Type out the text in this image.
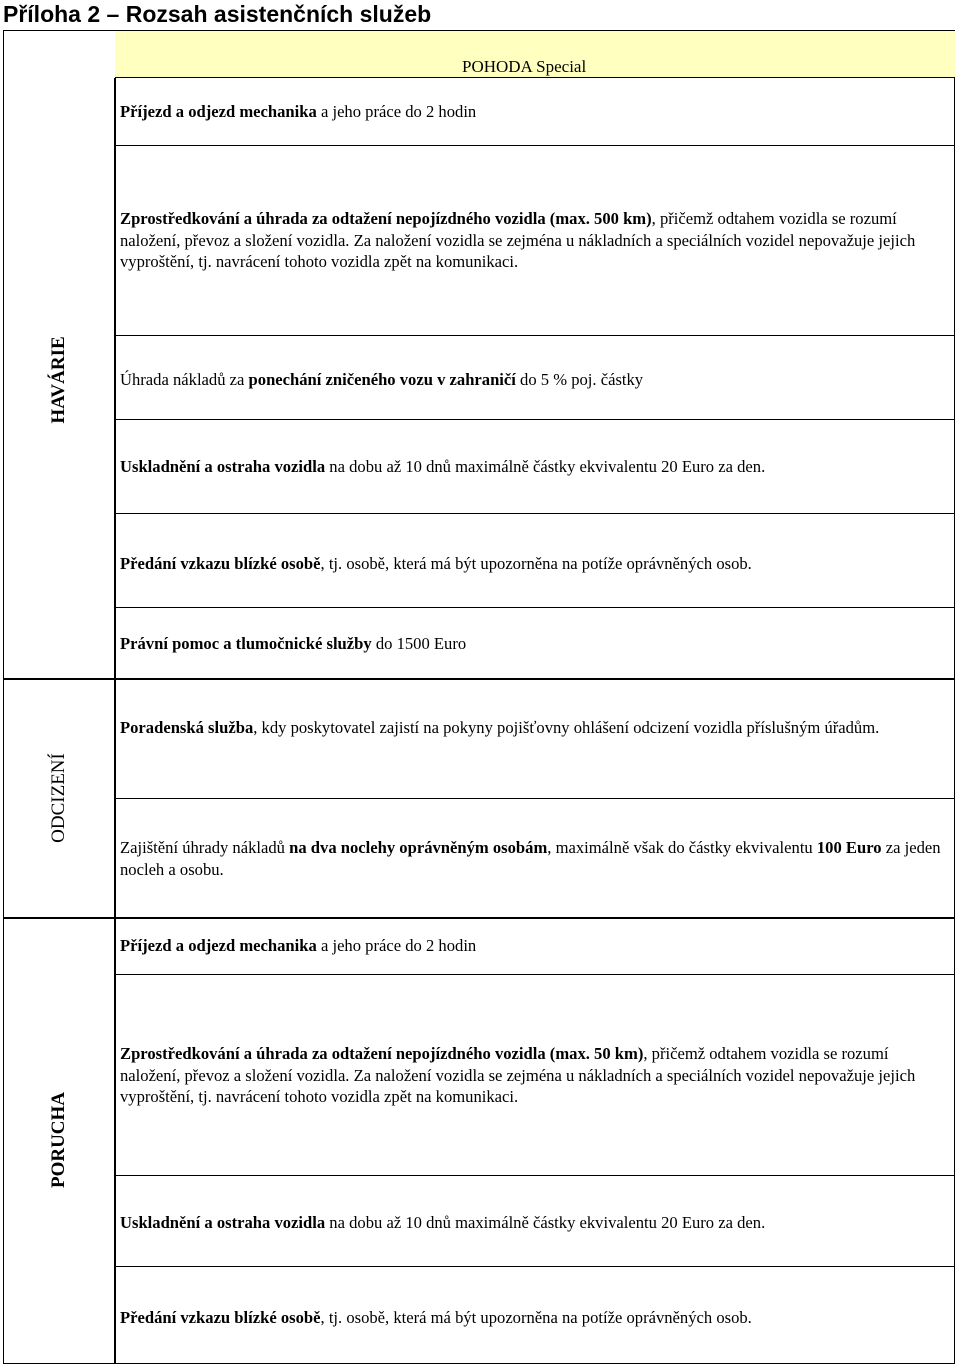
Příloha 2 – Rozsah asistenčních služeb
POHODA Special
HAVÁRIE
ODCIZENÍ
PORUCHA
Příjezd a odjezd mechanika a jeho práce do 2 hodin
Zprostředkování a úhrada za odtažení nepojízdného vozidla (max. 500 km), přičemž odtahem vozidla se rozumí naložení, převoz a složení vozidla. Za naložení vozidla se zejména u nákladních a speciálních vozidel nepovažuje jejich vyproštění, tj. navrácení tohoto vozidla zpět na komunikaci.
Úhrada nákladů za ponechání zničeného vozu v zahraničí do 5 % poj. částky
Uskladnění a ostraha vozidla na dobu až 10 dnů maximálně částky ekvivalentu 20 Euro za den.
Předání vzkazu blízké osobě, tj. osobě, která má být upozorněna na potíže oprávněných osob.
Právní pomoc a tlumočnické služby do 1500 Euro
Poradenská služba, kdy poskytovatel zajistí na pokyny pojišťovny ohlášení odcizení vozidla příslušným úřadům.
Zajištění úhrady nákladů na dva noclehy oprávněným osobám, maximálně však do částky ekvivalentu 100 Euro za jeden nocleh a osobu.
Příjezd a odjezd mechanika a jeho práce do 2 hodin
Zprostředkování a úhrada za odtažení nepojízdného vozidla (max. 50 km), přičemž odtahem vozidla se rozumí naložení, převoz a složení vozidla. Za naložení vozidla se zejména u nákladních a speciálních vozidel nepovažuje jejich vyproštění, tj. navrácení tohoto vozidla zpět na komunikaci.
Uskladnění a ostraha vozidla na dobu až 10 dnů maximálně částky ekvivalentu 20 Euro za den.
Předání vzkazu blízké osobě, tj. osobě, která má být upozorněna na potíže oprávněných osob.
